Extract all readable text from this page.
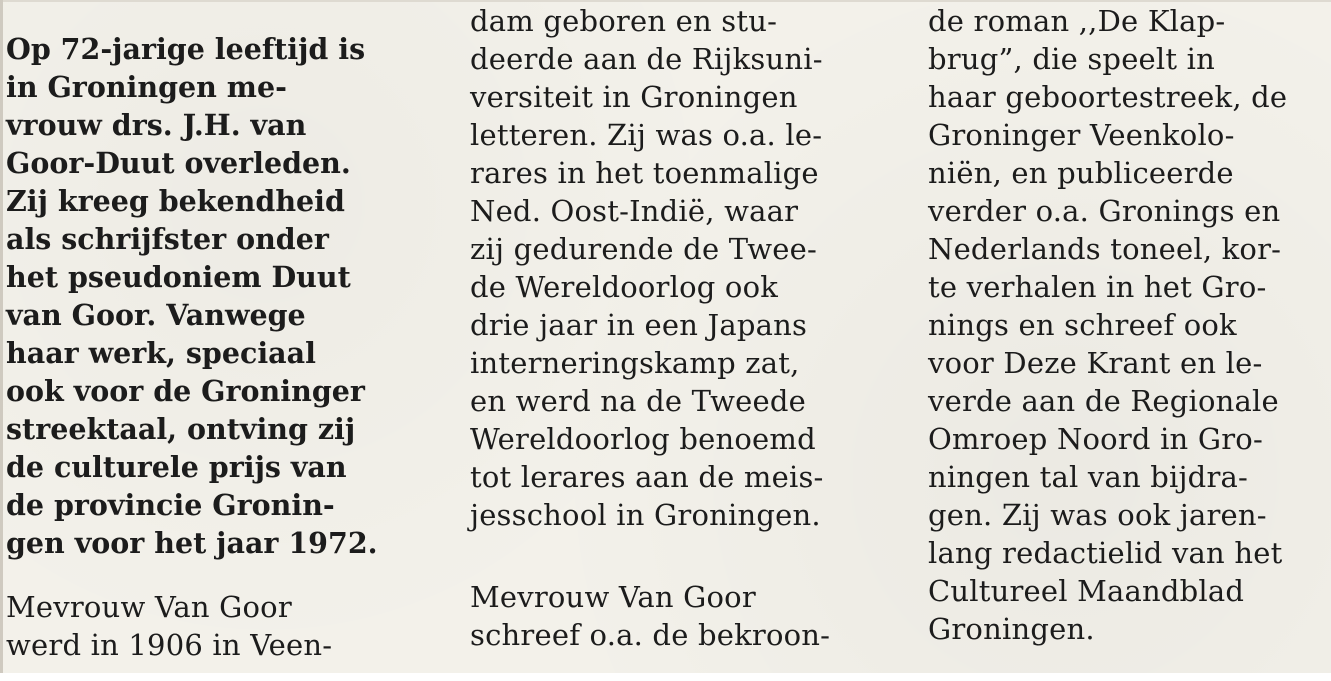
Op 72-jarige leeftijd is
in Groningen me-
vrouw drs. J.H. van
Goor-Duut overleden.
Zij kreeg bekendheid
als schrijfster onder
het pseudoniem Duut
van Goor. Vanwege
haar werk, speciaal
ook voor de Groninger
streektaal, ontving zij
de culturele prijs van
de provincie Gronin-
gen voor het jaar 1972.

Mevrouw Van Goor
werd in 1906 in Veen-

dam geboren en stu-
deerde aan de Rijksuni-
versiteit in Groningen
letteren. Zij was o.a. le-
rares in het toenmalige
Ned. Oost-Indië, waar
zij gedurende de Twee-
de Wereldoorlog ook
drie jaar in een Japans
interneringskamp zat,
en werd na de Tweede
Wereldoorlog benoemd
tot lerares aan de meis-
jesschool in Groningen.

Mevrouw Van Goor
schreef o.a. de bekroon-

de roman ,,De Klap-
brug”, die speelt in
haar geboortestreek, de
Groninger Veenkolo-
niën, en publiceerde
verder o.a. Gronings en
Nederlands toneel, kor-
te verhalen in het Gro-
nings en schreef ook
voor Deze Krant en le-
verde aan de Regionale
Omroep Noord in Gro-
ningen tal van bijdra-
gen. Zij was ook jaren-
lang redactielid van het
Cultureel Maandblad
Groningen.
